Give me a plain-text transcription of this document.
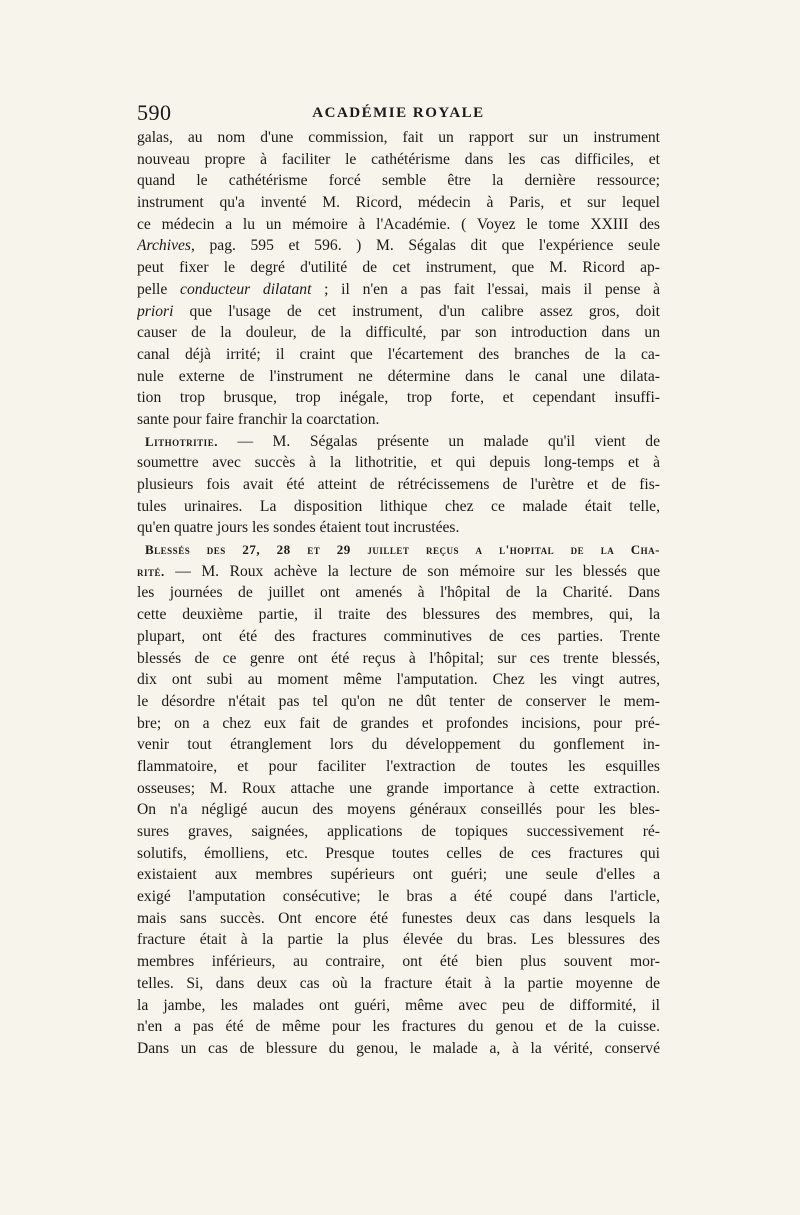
590	ACADÉMIE ROYALE
galas, au nom d'une commission, fait un rapport sur un instrument
nouveau propre à faciliter le cathétérisme dans les cas difficiles, et
quand le cathétérisme forcé semble être la dernière ressource;
instrument qu'a inventé M. Ricord, médecin à Paris, et sur lequel
ce médecin a lu un mémoire à l'Académie. ( Voyez le tome XXIII des
Archives, pag. 595 et 596. ) M. Ségalas dit que l'expérience seule
peut fixer le degré d'utilité de cet instrument, que M. Ricord ap-
pelle conducteur dilatant ; il n'en a pas fait l'essai, mais il pense à
priori que l'usage de cet instrument, d'un calibre assez gros, doit
causer de la douleur, de la difficulté, par son introduction dans un
canal déjà irrité; il craint que l'écartement des branches de la ca-
nule externe de l'instrument ne détermine dans le canal une dilata-
tion trop brusque, trop inégale, trop forte, et cependant insuffi-
sante pour faire franchir la coarctation.
Lithotritie. — M. Ségalas présente un malade qu'il vient de
soumettre avec succès à la lithotritie, et qui depuis long-temps et à
plusieurs fois avait été atteint de rétrécissemens de l'urètre et de fis-
tules urinaires. La disposition lithique chez ce malade était telle,
qu'en quatre jours les sondes étaient tout incrustées.
Blessés des 27, 28 et 29 juillet reçus a l'hopital de la Cha-
rité. — M. Roux achève la lecture de son mémoire sur les blessés que
les journées de juillet ont amenés à l'hôpital de la Charité. Dans
cette deuxième partie, il traite des blessures des membres, qui, la
plupart, ont été des fractures comminutives de ces parties. Trente
blessés de ce genre ont été reçus à l'hôpital; sur ces trente blessés,
dix ont subi au moment même l'amputation. Chez les vingt autres,
le désordre n'était pas tel qu'on ne dût tenter de conserver le mem-
bre; on a chez eux fait de grandes et profondes incisions, pour pré-
venir tout étranglement lors du développement du gonflement in-
flammatoire, et pour faciliter l'extraction de toutes les esquilles
osseuses; M. Roux attache une grande importance à cette extraction.
On n'a négligé aucun des moyens généraux conseillés pour les bles-
sures graves, saignées, applications de topiques successivement ré-
solutifs, émolliens, etc. Presque toutes celles de ces fractures qui
existaient aux membres supérieurs ont guéri; une seule d'elles a
exigé l'amputation consécutive; le bras a été coupé dans l'article,
mais sans succès. Ont encore été funestes deux cas dans lesquels la
fracture était à la partie la plus élevée du bras. Les blessures des
membres inférieurs, au contraire, ont été bien plus souvent mor-
telles. Si, dans deux cas où la fracture était à la partie moyenne de
la jambe, les malades ont guéri, même avec peu de difformité, il
n'en a pas été de même pour les fractures du genou et de la cuisse.
Dans un cas de blessure du genou, le malade a, à la vérité, conservé
